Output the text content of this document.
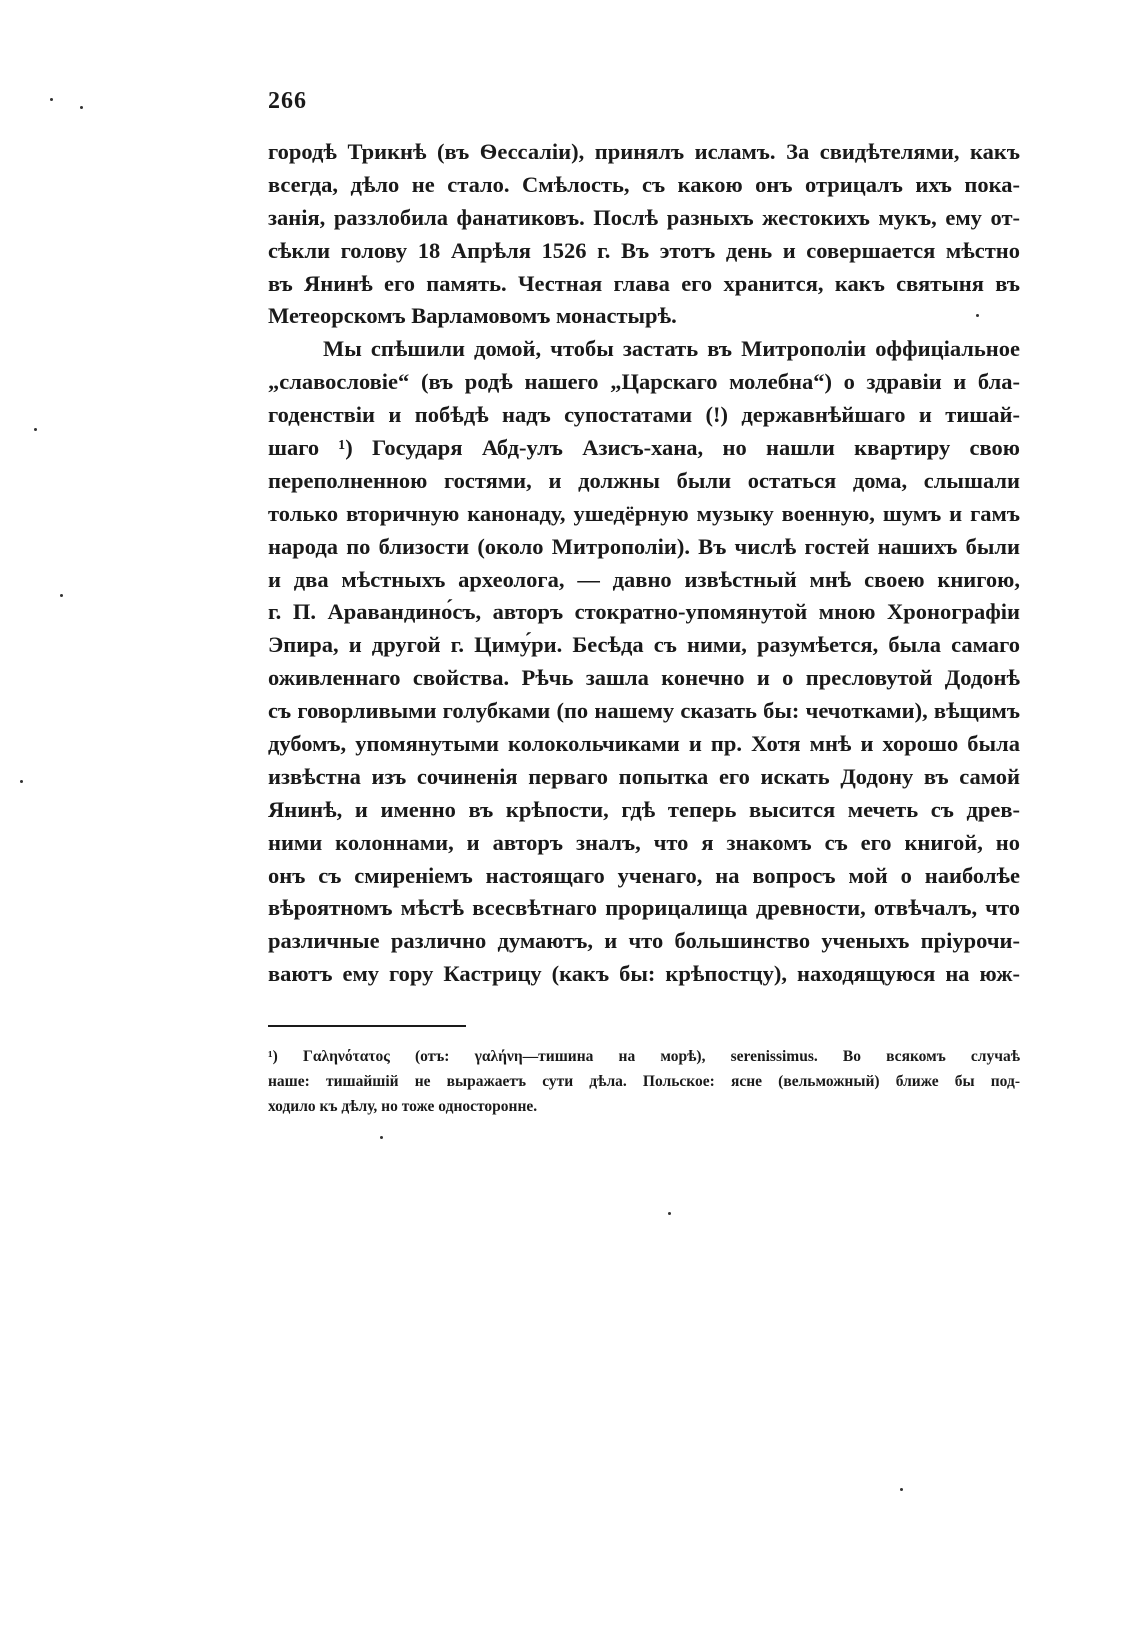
266
городѣ Трикнѣ (въ Ѳессаліи), принялъ исламъ. За свидѣтелями, какъ
всегда, дѣло не стало. Смѣлость, съ какою онъ отрицалъ ихъ пока-
занія, раззлобила фанатиковъ. Послѣ разныхъ жестокихъ мукъ, ему от-
сѣкли голову 18 Апрѣля 1526 г. Въ этотъ день и совершается мѣстно
въ Янинѣ его память. Честная глава его хранится, какъ святыня въ
Метеорскомъ Варламовомъ монастырѣ.
Мы спѣшили домой, чтобы застать въ Митрополіи оффиціальное
„славословіе“ (въ родѣ нашего „Царскаго молебна“) о здравіи и бла-
годенствіи и побѣдѣ надъ супостатами (!) державнѣйшаго и тишай-
шаго ¹) Государя Абд-улъ Азисъ-хана, но нашли квартиру свою
переполненною гостями, и должны были остаться дома, слышали
только вторичную канонаду, ушедёрную музыку военную, шумъ и гамъ
народа по близости (около Митрополіи). Въ числѣ гостей нашихъ были
и два мѣстныхъ археолога, — давно извѣстный мнѣ своею книгою,
г. П. Аравандино́съ, авторъ стократно-упомянутой мною Хронографіи
Эпира, и другой г. Циму́ри. Бесѣда съ ними, разумѣется, была самаго
оживленнаго свойства. Рѣчь зашла конечно и о пресловутой Додонѣ
съ говорливыми голубками (по нашему сказать бы: чечотками), вѣщимъ
дубомъ, упомянутыми колокольчиками и пр. Хотя мнѣ и хорошо была
извѣстна изъ сочиненія перваго попытка его искать Додону въ самой
Янинѣ, и именно въ крѣпости, гдѣ теперь высится мечеть съ древ-
ними колоннами, и авторъ зналъ, что я знакомъ съ его книгой, но
онъ съ смиреніемъ настоящаго ученаго, на вопросъ мой о наиболѣе
вѣроятномъ мѣстѣ всесвѣтнаго прорицалища древности, отвѣчалъ, что
различные различно думаютъ, и что большинство ученыхъ пріурочи-
ваютъ ему гору Кастрицу (какъ бы: крѣпостцу), находящуюся на юж-
¹) Γαληνότατος (отъ: γαλήνη—тишина на морѣ), serenissimus. Во всякомъ случаѣ
наше: тишайшій не выражаетъ сути дѣла. Польское: ясне (вельможный) ближе бы под-
ходило къ дѣлу, но тоже одностороннe.
